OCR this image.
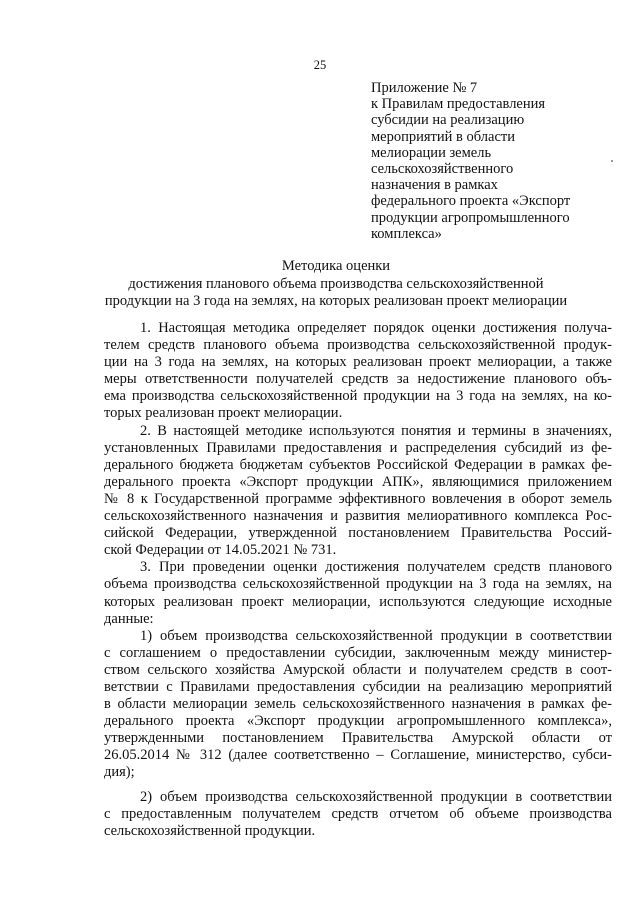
25
Приложение № 7
к Правилам предоставления
субсидии на реализацию
мероприятий в области
мелиорации земель
сельскохозяйственного
назначения в рамках
федерального проекта «Экспорт
продукции агропромышленного
комплекса»
Методика оценки
достижения планового объема производства сельскохозяйственной
продукции на 3 года на землях, на которых реализован проект мелиорации
1. Настоящая методика определяет порядок оценки достижения получа-
телем средств планового объема производства сельскохозяйственной продук-
ции на 3 года на землях, на которых реализован проект мелиорации, а также
меры ответственности получателей средств за недостижение планового объ-
ема производства сельскохозяйственной продукции на 3 года на землях, на ко-
торых реализован проект мелиорации.
2. В настоящей методике используются понятия и термины в значениях,
установленных Правилами предоставления и распределения субсидий из фе-
дерального бюджета бюджетам субъектов Российской Федерации в рамках фе-
дерального проекта «Экспорт продукции АПК», являющимися приложением
№ 8 к Государственной программе эффективного вовлечения в оборот земель
сельскохозяйственного назначения и развития мелиоративного комплекса Рос-
сийской Федерации, утвержденной постановлением Правительства Россий-
ской Федерации от 14.05.2021 № 731.
3. При проведении оценки достижения получателем средств планового
объема производства сельскохозяйственной продукции на 3 года на землях, на
которых реализован проект мелиорации, используются следующие исходные
данные:
1) объем производства сельскохозяйственной продукции в соответствии
с соглашением о предоставлении субсидии, заключенным между министер-
ством сельского хозяйства Амурской области и получателем средств в соот-
ветствии с Правилами предоставления субсидии на реализацию мероприятий
в области мелиорации земель сельскохозяйственного назначения в рамках фе-
дерального проекта «Экспорт продукции агропромышленного комплекса»,
утвержденными постановлением Правительства Амурской области от
26.05.2014 № 312 (далее соответственно – Соглашение, министерство, субси-
дия);
2) объем производства сельскохозяйственной продукции в соответствии
с предоставленным получателем средств отчетом об объеме производства
сельскохозяйственной продукции.
